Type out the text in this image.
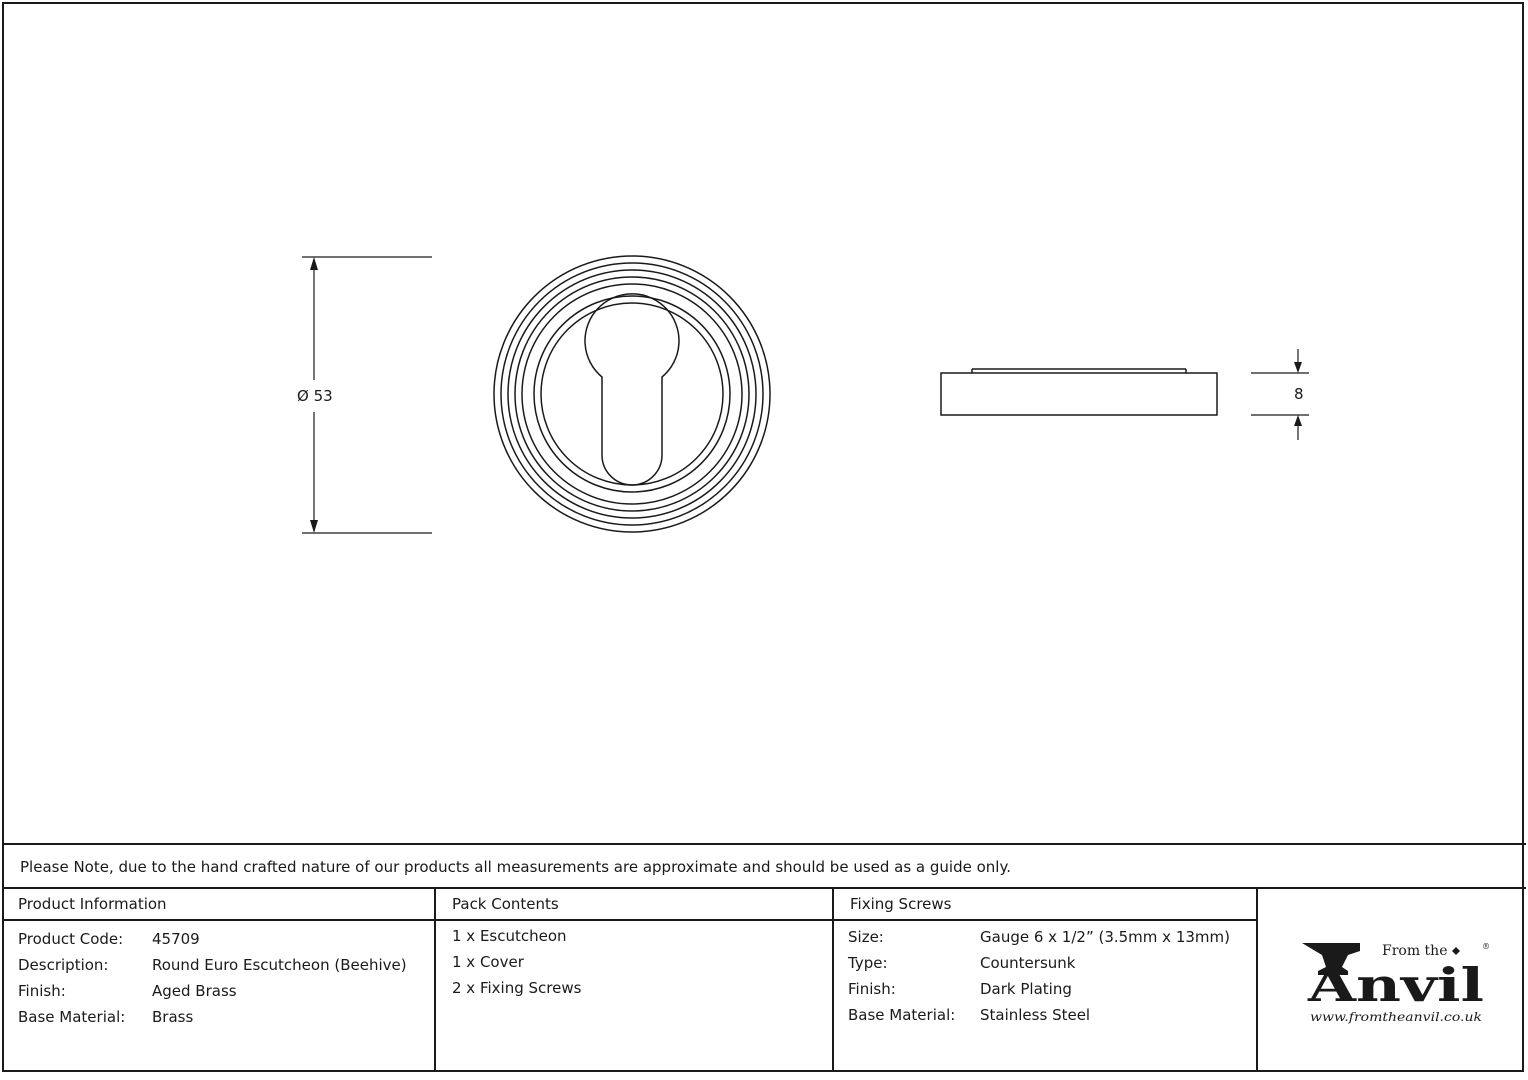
Ø 53	8
Please Note, due to the hand crafted nature of our products all measurements are approximate and should be used as a guide only.
Product Information
Product Code: 45709
Description:	Round Euro Escutcheon (Beehive)
Finish:	Aged Brass
Base Material: Brass
Pack Contents
1 x Escutcheon
1 x Cover
2 x Fixing Screws
Fixing Screws
Size:	Gauge 6 x 1/2” (3.5mm x 13mm)
Type:	Countersunk
Finish:	Dark Plating
Base Material: Stainless Steel
From the	®
Anvil
www.fromtheanvil.co.uk
